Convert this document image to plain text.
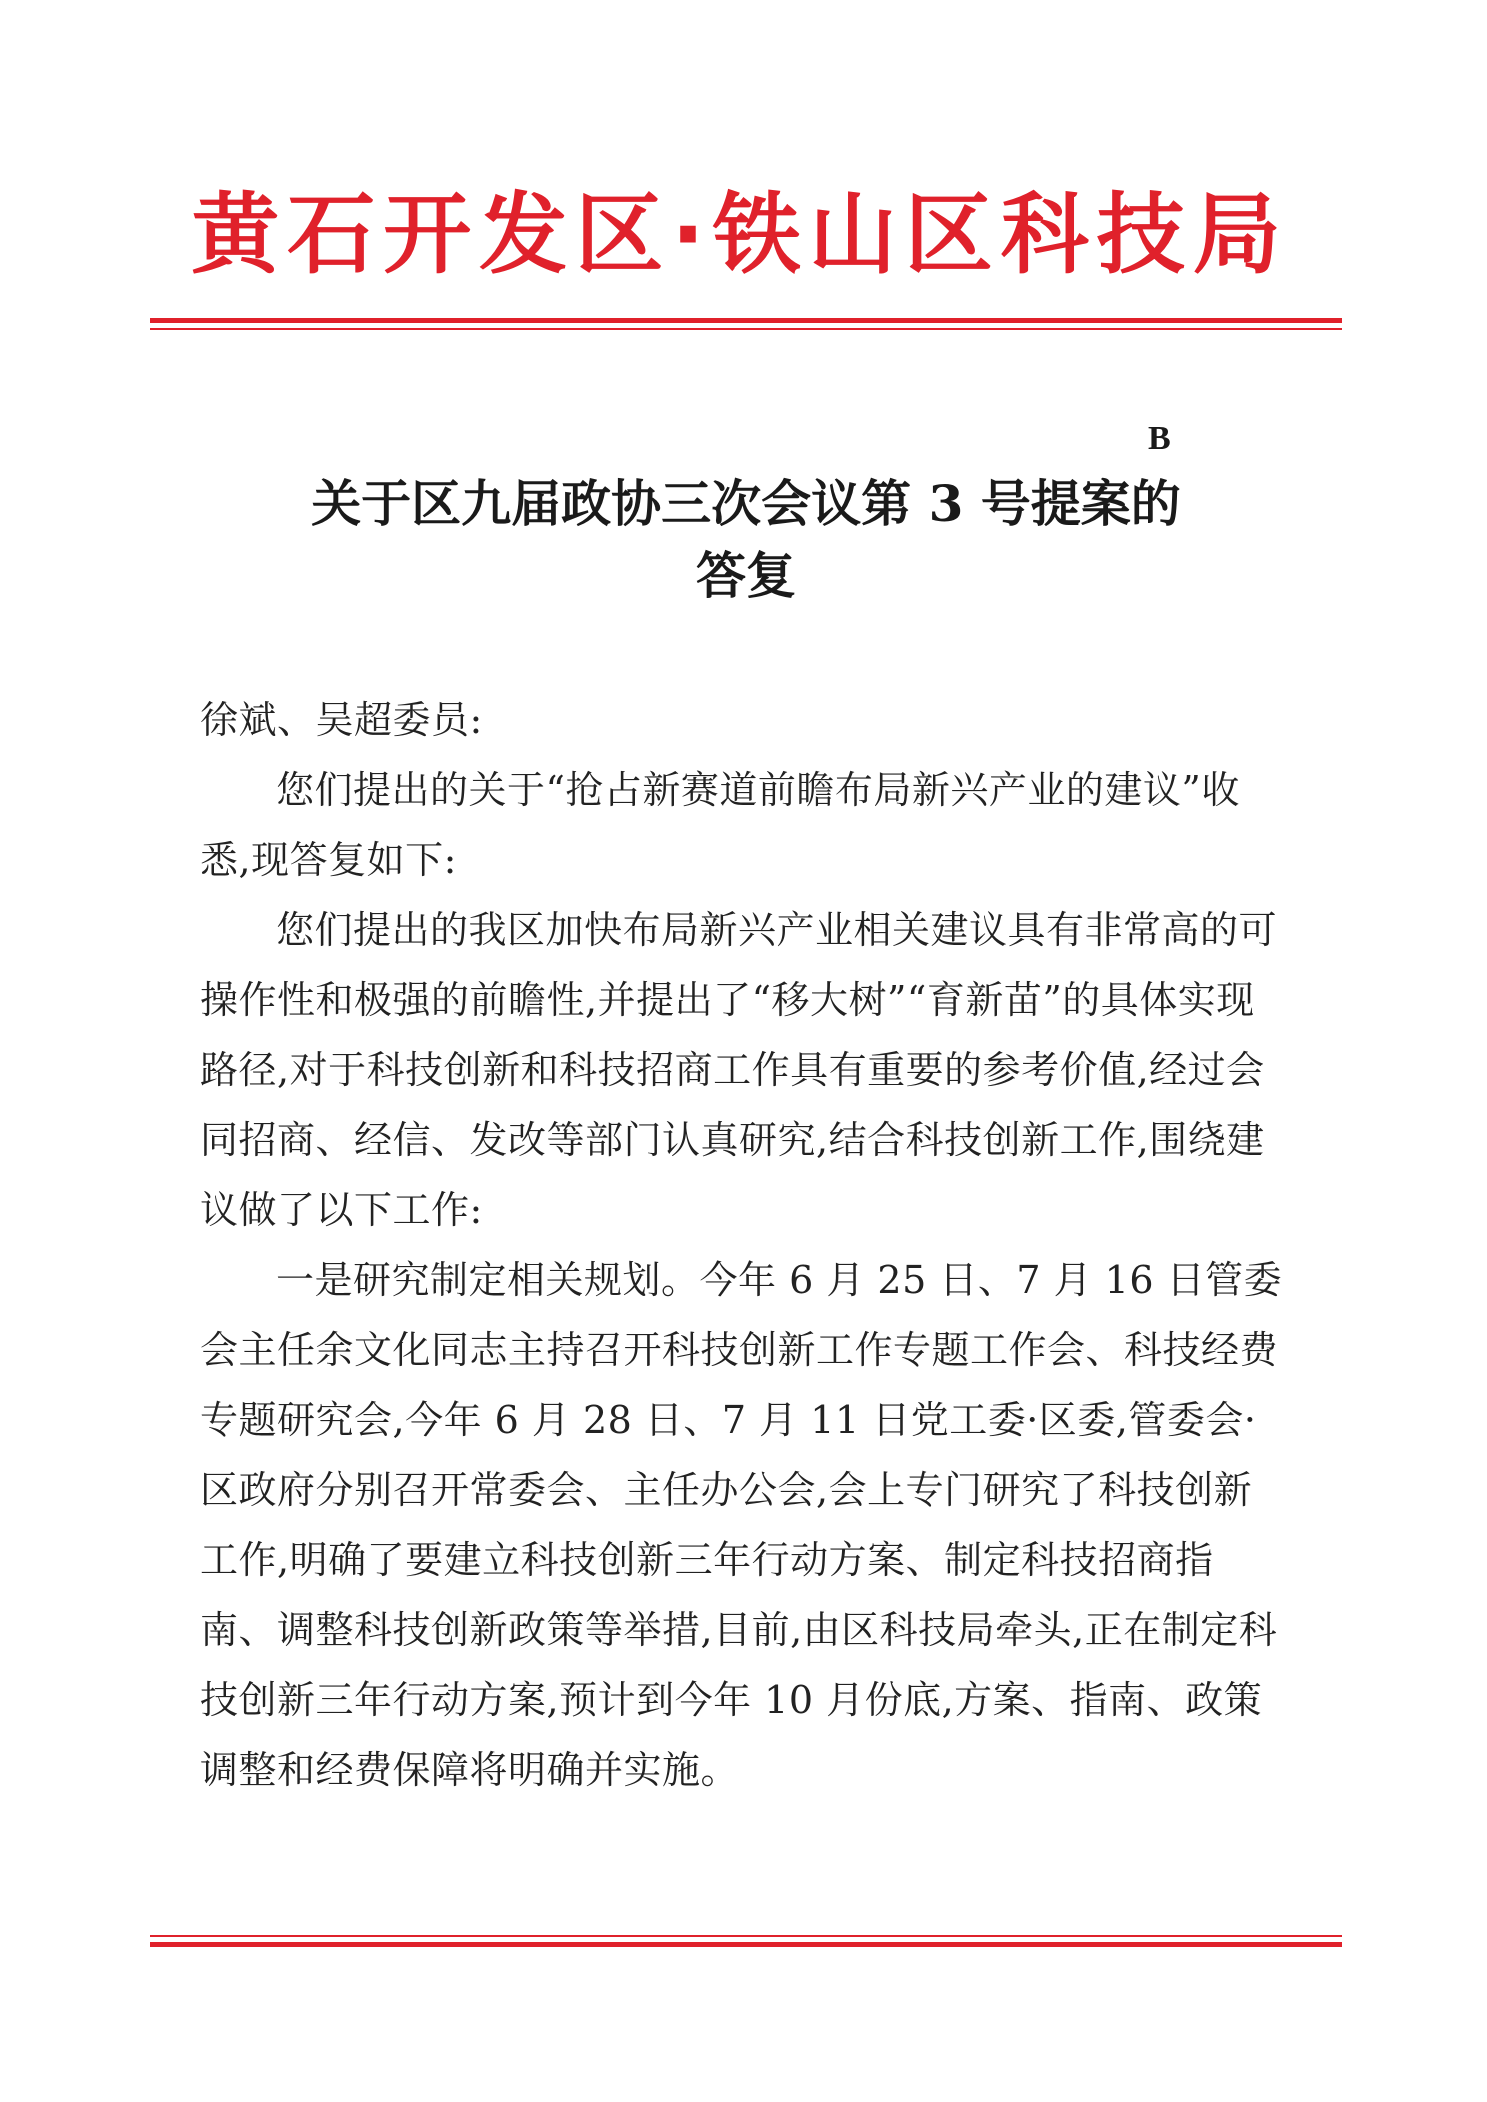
黄石开发区·铁山区科技局
B
关于区九届政协三次会议第 3 号提案的
答复

徐斌、吴超委员:

您们提出的关于“抢占新赛道前瞻布局新兴产业的建议”收悉,现答复如下:

您们提出的我区加快布局新兴产业相关建议具有非常高的可操作性和极强的前瞻性,并提出了“移大树”“育新苗”的具体实现路径,对于科技创新和科技招商工作具有重要的参考价值,经过会同招商、经信、发改等部门认真研究,结合科技创新工作,围绕建议做了以下工作:

一是研究制定相关规划。今年 6 月 25 日、7 月 16 日管委会主任余文化同志主持召开科技创新工作专题工作会、科技经费专题研究会,今年 6 月 28 日、7 月 11 日党工委·区委,管委会·区政府分别召开常委会、主任办公会,会上专门研究了科技创新工作,明确了要建立科技创新三年行动方案、制定科技招商指南、调整科技创新政策等举措,目前,由区科技局牵头,正在制定科技创新三年行动方案,预计到今年 10 月份底,方案、指南、政策调整和经费保障将明确并实施。
